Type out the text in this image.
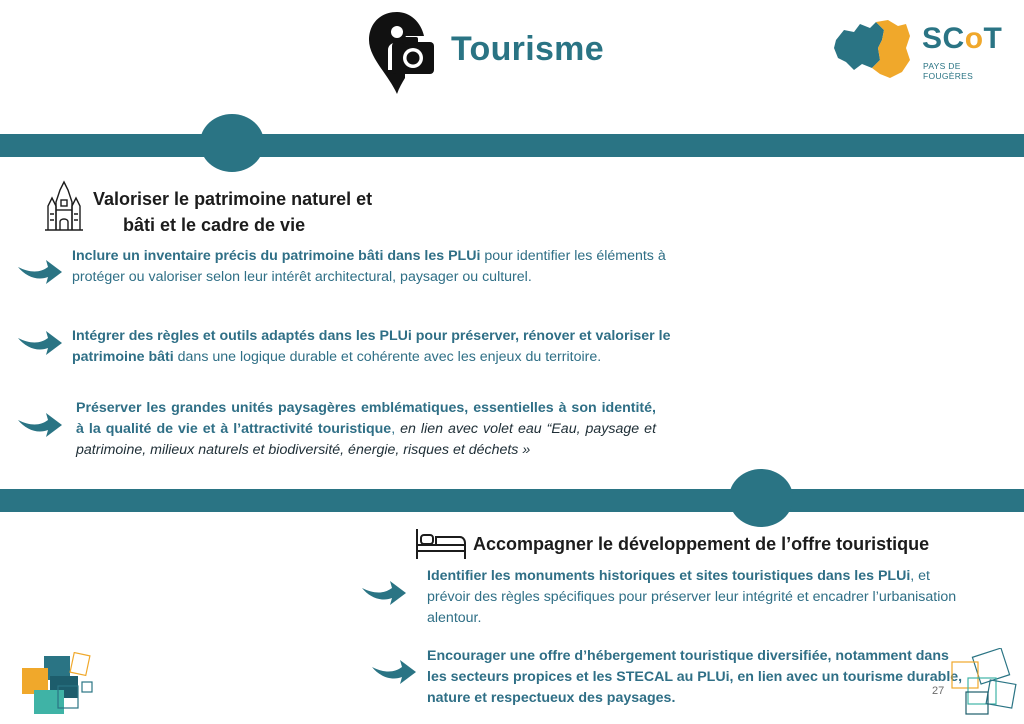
Tourisme	SCoT
PAYS DE FOUGÈRES
Valoriser le patrimoine naturel et
bâti et le cadre de vie
Inclure un inventaire précis du patrimoine bâti dans les PLUi pour identifier les éléments à protéger ou valoriser selon leur intérêt architectural, paysager ou culturel.
Intégrer des règles et outils adaptés dans les PLUi pour préserver, rénover et valoriser le patrimoine bâti dans une logique durable et cohérente avec les enjeux du territoire.
Préserver les grandes unités paysagères emblématiques, essentielles à son identité, à la qualité de vie et à l’attractivité touristique, en lien avec volet eau “Eau, paysage et patrimoine, milieux naturels et biodiversité, énergie, risques et déchets »
Accompagner le développement de l’offre touristique
Identifier les monuments historiques et sites touristiques dans les PLUi, et prévoir des règles spécifiques pour préserver leur intégrité et encadrer l’urbanisation alentour.
Encourager une offre d’hébergement touristique diversifiée, notamment dans les secteurs propices et les STECAL au PLUi, en lien avec un tourisme durable, nature et respectueux des paysages.	27
